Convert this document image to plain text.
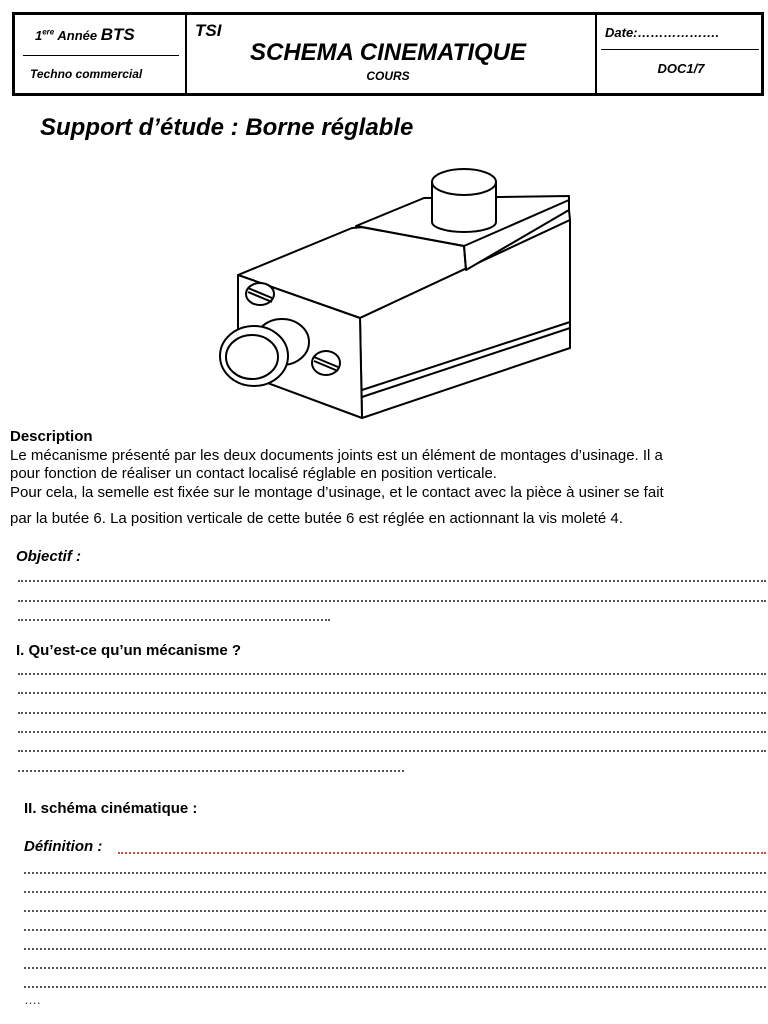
1ere Année BTS
Techno commercial
TSI
SCHEMA CINEMATIQUE
COURS
Date:……………….
DOC1/7
Support d’étude : Borne réglable
Description
Le mécanisme présenté par les deux documents joints est un élément de montages d’usinage. Il a
pour fonction de réaliser un contact localisé réglable en position verticale.
Pour cela, la semelle est fixée sur le montage d’usinage, et le contact avec la pièce à usiner se fait
par la butée 6. La position verticale de cette butée 6 est réglée en actionnant la vis moleté 4.
Objectif :
I. Qu’est-ce qu’un mécanisme ?
II. schéma cinématique :
Définition :
….
